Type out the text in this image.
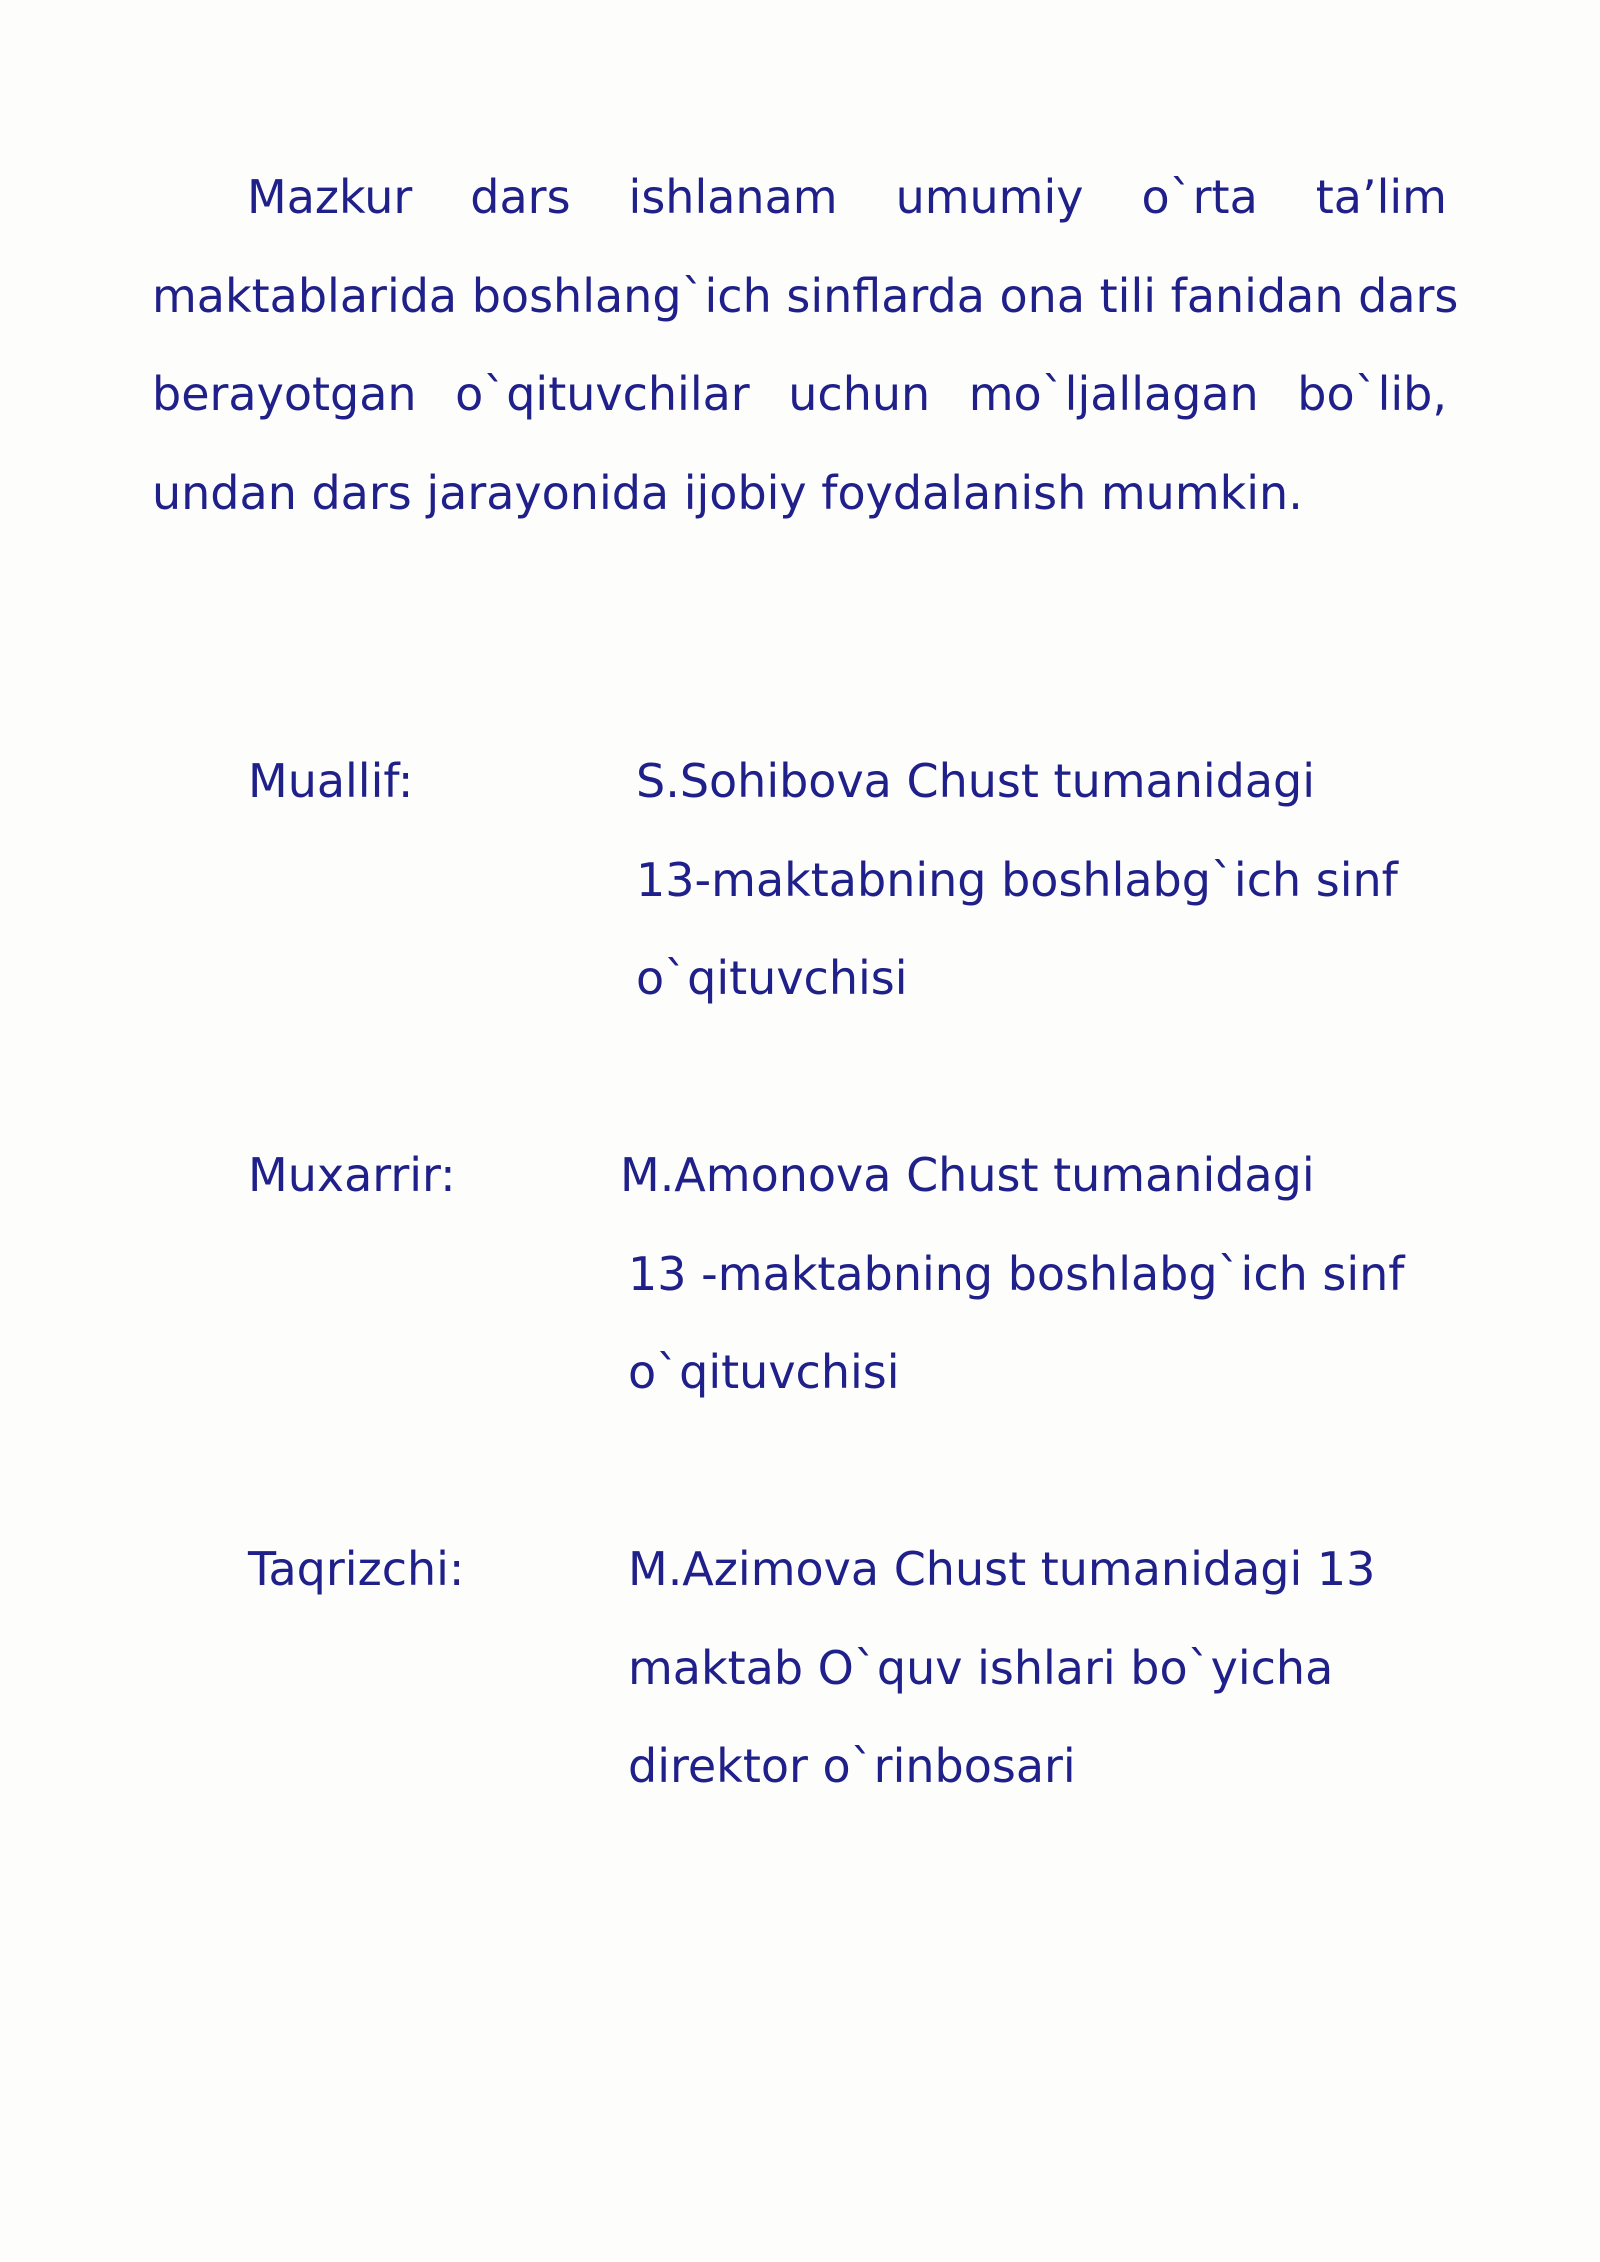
Mazkur dars ishlanam umumiy o`rta ta’lim
maktablarida boshlang`ich sinflarda ona tili fanidan dars
berayotgan o`qituvchilar uchun mo`ljallagan bo`lib,
undan dars jarayonida ijobiy foydalanish mumkin.
Muallif:	S.Sohibova Chust tumanidagi
13-maktabning boshlabg`ich sinf
o`qituvchisi
Muxarrir:	M.Amonova Chust tumanidagi
13 -maktabning boshlabg`ich sinf
o`qituvchisi
Taqrizchi:	M.Azimova Chust tumanidagi 13
maktab O`quv ishlari bo`yicha
direktor o`rinbosari
